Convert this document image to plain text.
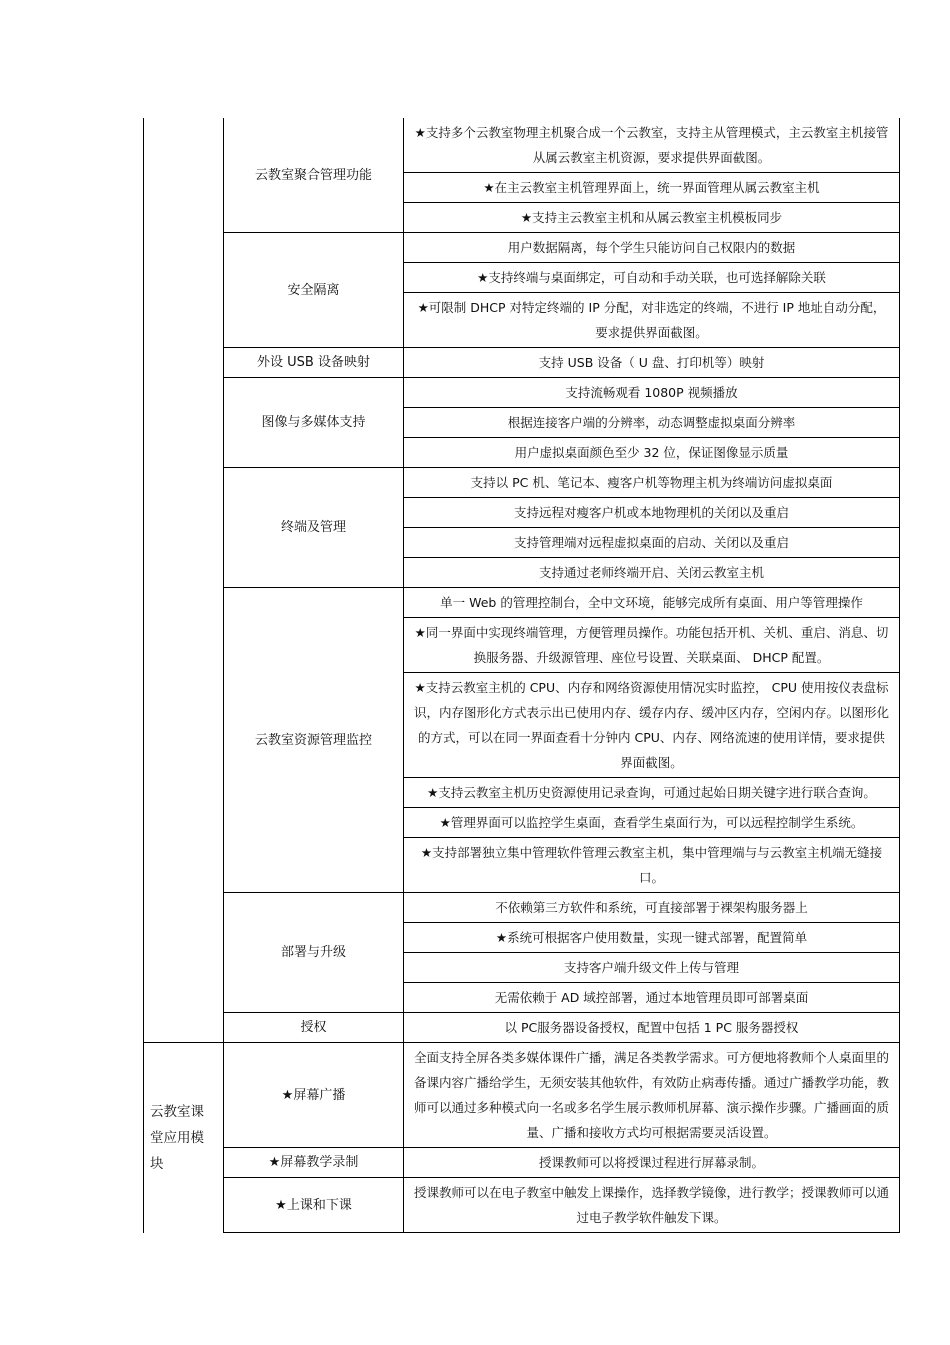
	云教室聚合管理功能	★支持多个云教室物理主机聚合成一个云教室，支持主从管理模式，主云教室主机接管从属云教室主机资源，要求提供界面截图。
		★在主云教室主机管理界面上，统一界面管理从属云教室主机
		★支持主云教室主机和从属云教室主机模板同步
	安全隔离	用户数据隔离，每个学生只能访问自己权限内的数据
		★支持终端与桌面绑定，可自动和手动关联，也可选择解除关联
		★可限制 DHCP 对特定终端的 IP 分配，对非选定的终端，不进行 IP 地址自动分配，要求提供界面截图。
	外设 USB 设备映射	支持 USB 设备（ U 盘、打印机等）映射
	图像与多媒体支持	支持流畅观看 1080P 视频播放
		根据连接客户端的分辨率，动态调整虚拟桌面分辨率
		用户虚拟桌面颜色至少 32 位，保证图像显示质量
	终端及管理	支持以 PC 机、笔记本、瘦客户机等物理主机为终端访问虚拟桌面
		支持远程对瘦客户机或本地物理机的关闭以及重启
		支持管理端对远程虚拟桌面的启动、关闭以及重启
		支持通过老师终端开启、关闭云教室主机
	云教室资源管理监控	单一 Web 的管理控制台，全中文环境，能够完成所有桌面、用户等管理操作
		★同一界面中实现终端管理，方便管理员操作。功能包括开机、关机、重启、消息、切换服务器、升级源管理、座位号设置、关联桌面、 DHCP 配置。
		★支持云教室主机的 CPU、内存和网络资源使用情况实时监控， CPU 使用按仪表盘标识，内存图形化方式表示出已使用内存、缓存内存、缓冲区内存，空闲内存。以图形化的方式，可以在同一界面查看十分钟内 CPU、内存、网络流速的使用详情，要求提供界面截图。
		★支持云教室主机历史资源使用记录查询，可通过起始日期关键字进行联合查询。
		★管理界面可以监控学生桌面，查看学生桌面行为，可以远程控制学生系统。
		★支持部署独立集中管理软件管理云教室主机，集中管理端与与云教室主机端无缝接口。
	部署与升级	不依赖第三方软件和系统，可直接部署于裸架构服务器上
		★系统可根据客户使用数量，实现一键式部署，配置简单
		支持客户端升级文件上传与管理
		无需依赖于 AD 域控部署，通过本地管理员即可部署桌面
	授权	以 PC服务器设备授权，配置中包括 1 PC 服务器授权
云教室课堂应用模块	★屏幕广播	全面支持全屏各类多媒体课件广播，满足各类教学需求。可方便地将教师个人桌面里的备课内容广播给学生，无须安装其他软件，有效防止病毒传播。通过广播教学功能，教师可以通过多种模式向一名或多名学生展示教师机屏幕、演示操作步骤。广播画面的质量、广播和接收方式均可根据需要灵活设置。
	★屏幕教学录制	授课教师可以将授课过程进行屏幕录制。
	★上课和下课	授课教师可以在电子教室中触发上课操作，选择教学镜像，进行教学；授课教师可以通过电子教学软件触发下课。
